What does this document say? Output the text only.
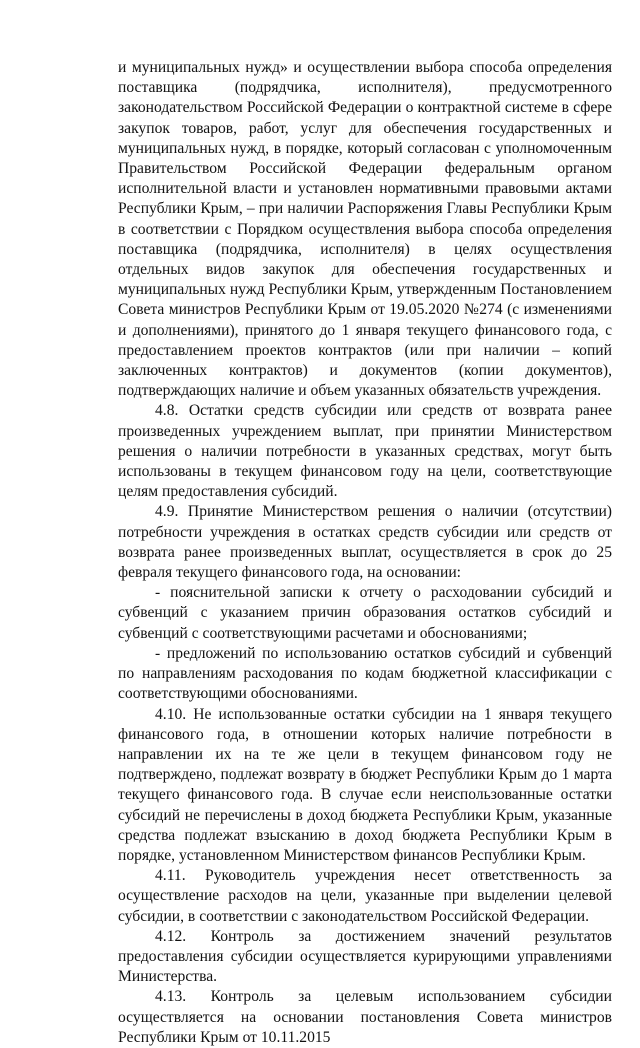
и муниципальных нужд» и осуществлении выбора способа определения поставщика (подрядчика, исполнителя), предусмотренного законодательством Российской Федерации о контрактной системе в сфере закупок товаров, работ, услуг для обеспечения государственных и муниципальных нужд, в порядке, который согласован с уполномоченным Правительством Российской Федерации федеральным органом исполнительной власти и установлен нормативными правовыми актами Республики Крым, – при наличии Распоряжения Главы Республики Крым в соответствии с Порядком осуществления выбора способа определения поставщика (подрядчика, исполнителя) в целях осуществления отдельных видов закупок для обеспечения государственных и муниципальных нужд Республики Крым, утвержденным Постановлением Совета министров Республики Крым от 19.05.2020 №274 (с изменениями и дополнениями), принятого до 1 января текущего финансового года, с предоставлением проектов контрактов (или при наличии – копий заключенных контрактов) и документов (копии документов), подтверждающих наличие и объем указанных обязательств учреждения.

4.8. Остатки средств субсидии или средств от возврата ранее произведенных учреждением выплат, при принятии Министерством решения о наличии потребности в указанных средствах, могут быть использованы в текущем финансовом году на цели, соответствующие целям предоставления субсидий.

4.9. Принятие Министерством решения о наличии (отсутствии) потребности учреждения в остатках средств субсидии или средств от возврата ранее произведенных выплат, осуществляется в срок до 25 февраля текущего финансового года, на основании:

- пояснительной записки к отчету о расходовании субсидий и субвенций с указанием причин образования остатков субсидий и субвенций с соответствующими расчетами и обоснованиями;

- предложений по использованию остатков субсидий и субвенций по направлениям расходования по кодам бюджетной классификации с соответствующими обоснованиями.

4.10. Не использованные остатки субсидии на 1 января текущего финансового года, в отношении которых наличие потребности в направлении их на те же цели в текущем финансовом году не подтверждено, подлежат возврату в бюджет Республики Крым до 1 марта текущего финансового года. В случае если неиспользованные остатки субсидий не перечислены в доход бюджета Республики Крым, указанные средства подлежат взысканию в доход бюджета Республики Крым в порядке, установленном Министерством финансов Республики Крым.

4.11. Руководитель учреждения несет ответственность за осуществление расходов на цели, указанные при выделении целевой субсидии, в соответствии с законодательством Российской Федерации.

4.12. Контроль за достижением значений результатов предоставления субсидии осуществляется курирующими управлениями Министерства.

4.13. Контроль за целевым использованием субсидии осуществляется на основании постановления Совета министров Республики Крым от 10.11.2015
